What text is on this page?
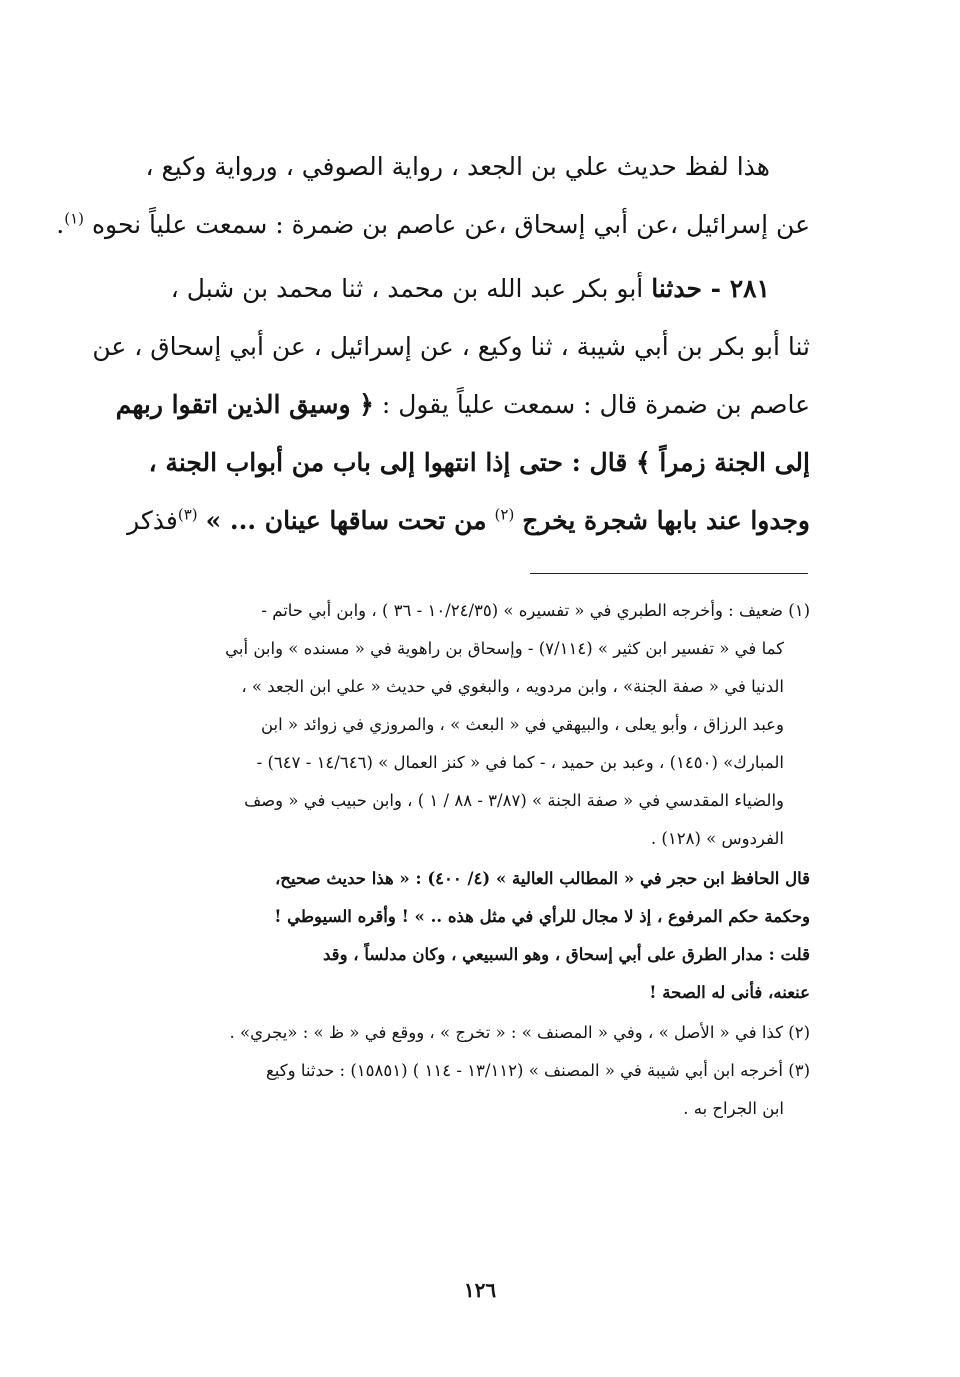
هذا لفظ حديث علي بن الجعد ، رواية الصوفي ، ورواية وكيع ،
عن إسرائيل ،عن أبي إسحاق ،عن عاصم بن ضمرة : سمعت علياً نحوه $^{(١)}$.
٢٨١ - حدثنا أبو بكر عبد الله بن محمد ، ثنا محمد بن شبل ،
ثنا أبو بكر بن أبي شيبة ، ثنا وكيع ، عن إسرائيل ، عن أبي إسحاق ، عن
عاصم بن ضمرة قال : سمعت علياً يقول : ﴿ وسيق الذين اتقوا ربهم
إلى الجنة زمراً ﴾ قال : حتى إذا انتهوا إلى باب من أبواب الجنة ،
وجدوا عند بابها شجرة يخرج $^{(٢)}$ من تحت ساقها عينان ... » $^{(٣)}$فذكر
(١) ضعيف : وأخرجه الطبري في « تفسيره » (١٠/٢٤/٣٥ - ٣٦ ) ، وابن أبي حاتم -
كما في « تفسير ابن كثير » (٧/١١٤) - وإسحاق بن راهوية في « مسنده » وابن أبي
الدنيا في « صفة الجنة» ، وابن مردويه ، والبغوي في حديث « علي ابن الجعد » ،
وعبد الرزاق ، وأبو يعلى ، والبيهقي في « البعث » ، والمروزي في زوائد « ابن
المبارك» (١٤٥٠) ، وعبد بن حميد ، - كما في « كنز العمال » (١٤/٦٤٦ - ٦٤٧) -
والضياء المقدسي في « صفة الجنة » (٣/٨٧ - ٨٨ / ١ ) ، وابن حبيب في « وصف
الفردوس » (١٢٨) .
قال الحافظ ابن حجر في « المطالب العالية » (٤/ ٤٠٠) : « هذا حديث صحيح،
وحكمة حكم المرفوع ، إذ لا مجال للرأي في مثل هذه .. » ! وأقره السيوطي !
قلت : مدار الطرق على أبي إسحاق ، وهو السبيعي ، وكان مدلساً ، وقد
عنعنه، فأنى له الصحة !
(٢) كذا في « الأصل » ، وفي « المصنف » : « تخرج » ، ووقع في « ظ » : «يجري» .
(٣) أخرجه ابن أبي شيبة في « المصنف » (١٣/١١٢ - ١١٤ ) (١٥٨٥١) : حدثنا وكيع
ابن الجراح به .
١٢٦
